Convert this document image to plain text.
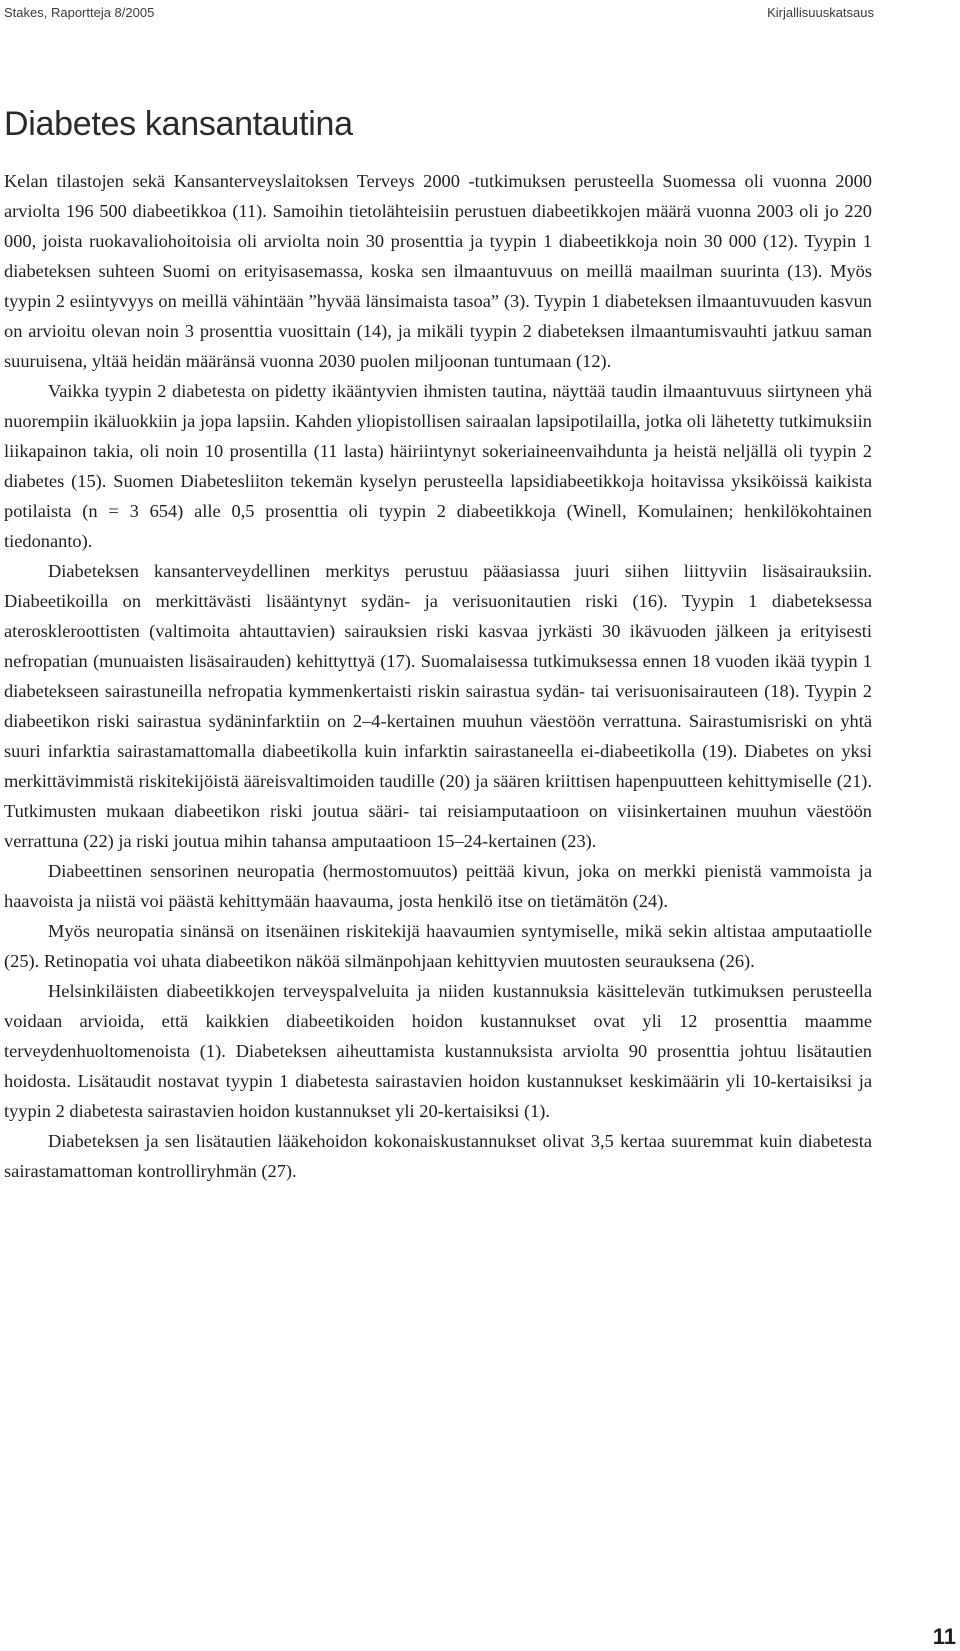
Stakes, Raportteja 8/2005	Kirjallisuuskatsaus
Diabetes kansantautina

Kelan tilastojen sekä Kansanterveyslaitoksen Terveys 2000 -tutkimuksen perusteella Suomessa oli vuonna 2000 arviolta 196 500 diabeetikkoa (11). Samoihin tietolähteisiin perustuen diabeetikkojen määrä vuonna 2003 oli jo 220 000, joista ruokavaliohoitoisia oli arviolta noin 30 prosenttia ja tyypin 1 diabeetikkoja noin 30 000 (12). Tyypin 1 diabeteksen suhteen Suomi on erityisasemassa, koska sen ilmaantuvuus on meillä maailman suurinta (13). Myös tyypin 2 esiintyvyys on meillä vähintään ”hyvää länsimaista tasoa” (3). Tyypin 1 diabeteksen ilmaantuvuuden kasvun on arvioitu olevan noin 3 prosenttia vuosittain (14), ja mikäli tyypin 2 diabeteksen ilmaantumisvauhti jatkuu saman suuruisena, yltää heidän määränsä vuonna 2030 puolen miljoonan tuntumaan (12).

Vaikka tyypin 2 diabetesta on pidetty ikääntyvien ihmisten tautina, näyttää taudin ilmaantuvuus siirtyneen yhä nuorempiin ikäluokkiin ja jopa lapsiin. Kahden yliopistollisen sairaalan lapsipotilailla, jotka oli lähetetty tutkimuksiin liikapainon takia, oli noin 10 prosentilla (11 lasta) häiriintynyt sokeriaineenvaihdunta ja heistä neljällä oli tyypin 2 diabetes (15). Suomen Diabetesliiton tekemän kyselyn perusteella lapsidiabeetikkoja hoitavissa yksiköissä kaikista potilaista (n = 3 654) alle 0,5 prosenttia oli tyypin 2 diabeetikkoja (Winell, Komulainen; henkilökohtainen tiedonanto).

Diabeteksen kansanterveydellinen merkitys perustuu pääasiassa juuri siihen liittyviin lisäsairauksiin. Diabeetikoilla on merkittävästi lisääntynyt sydän- ja verisuonitautien riski (16). Tyypin 1 diabeteksessa ateroskleroottisten (valtimoita ahtauttavien) sairauksien riski kasvaa jyrkästi 30 ikävuoden jälkeen ja erityisesti nefropatian (munuaisten lisäsairauden) kehittyttyä (17). Suomalaisessa tutkimuksessa ennen 18 vuoden ikää tyypin 1 diabetekseen sairastuneilla nefropatia kymmenkertaisti riskin sairastua sydän- tai verisuonisairauteen (18). Tyypin 2 diabeetikon riski sairastua sydäninfarktiin on 2–4-kertainen muuhun väestöön verrattuna. Sairastumisriski on yhtä suuri infarktia sairastamattomalla diabeetikolla kuin infarktin sairastaneella ei-diabeetikolla (19). Diabetes on yksi merkittävimmistä riskitekijöistä ääreisvaltimoiden taudille (20) ja säären kriittisen hapenpuutteen kehittymiselle (21). Tutkimusten mukaan diabeetikon riski joutua sääri- tai reisiamputaatioon on viisinkertainen muuhun väestöön verrattuna (22) ja riski joutua mihin tahansa amputaatioon 15–24-kertainen (23).

Diabeettinen sensorinen neuropatia (hermostomuutos) peittää kivun, joka on merkki pienistä vammoista ja haavoista ja niistä voi päästä kehittymään haavauma, josta henkilö itse on tietämätön (24).

Myös neuropatia sinänsä on itsenäinen riskitekijä haavaumien syntymiselle, mikä sekin altistaa amputaatiolle (25). Retinopatia voi uhata diabeetikon näköä silmänpohjaan kehittyvien muutosten seurauksena (26).

Helsinkiläisten diabeetikkojen terveyspalveluita ja niiden kustannuksia käsittelevän tutkimuksen perusteella voidaan arvioida, että kaikkien diabeetikoiden hoidon kustannukset ovat yli 12 prosenttia maamme terveydenhuoltomenoista (1). Diabeteksen aiheuttamista kustannuksista arviolta 90 prosenttia johtuu lisätautien hoidosta. Lisätaudit nostavat tyypin 1 diabetesta sairastavien hoidon kustannukset keskimäärin yli 10-kertaisiksi ja tyypin 2 diabetesta sairastavien hoidon kustannukset yli 20-kertaisiksi (1).

Diabeteksen ja sen lisätautien lääkehoidon kokonaiskustannukset olivat 3,5 kertaa suuremmat kuin diabetesta sairastamattoman kontrolliryhmän (27).

11
